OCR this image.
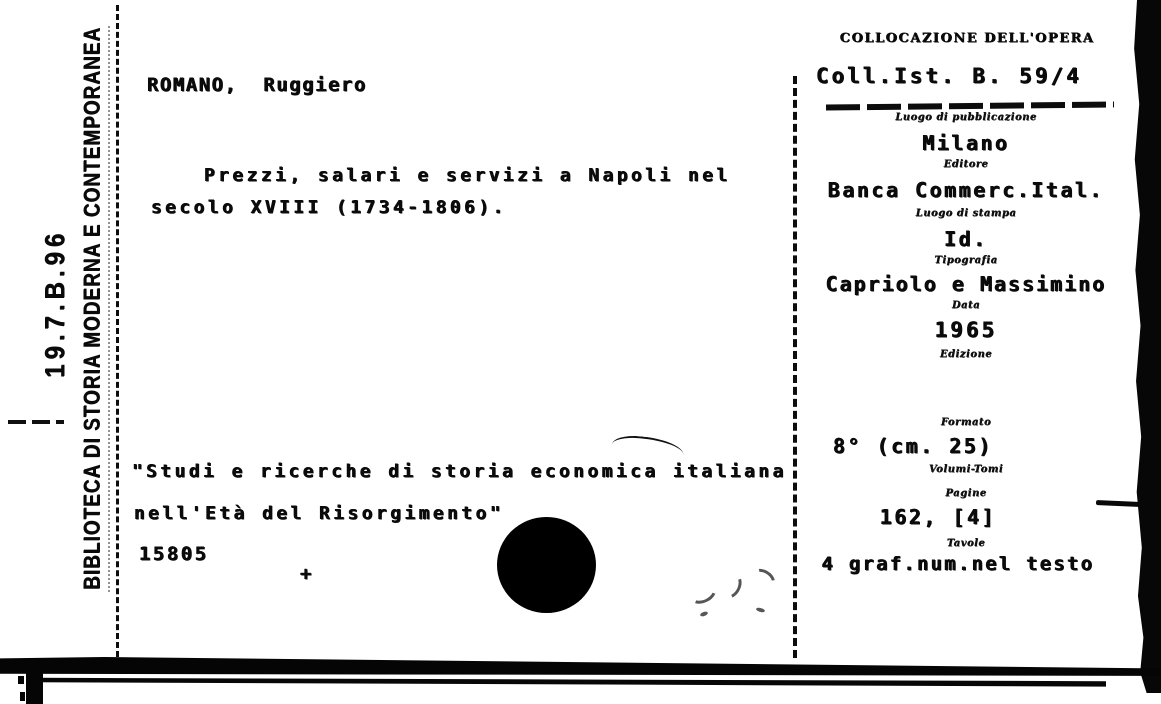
19.7.B.96 BIBLIOTECA DI STORIA MODERNA E CONTEMPORANEA ROMANO,  Ruggiero
Prezzi, salari e servizi a Napoli nel
secolo XVIII (1734-1806).
"Studi e ricerche di storia economica italiana
nell'Età del Risorgimento"
15805
+
COLLOCAZIONE DELL'OPERA
Coll.Ist. B. 59/4
Luogo di pubblicazione
Milano
Editore
Banca Commerc.Ital.
Luogo di stampa
Id.
Tipografia
Capriolo e Massimino
Data
1965
Edizione
Formato
8° (cm. 25)
Volumi-Tomi
Pagine
162, [4]
Tavole
4 graf.num.nel testo
